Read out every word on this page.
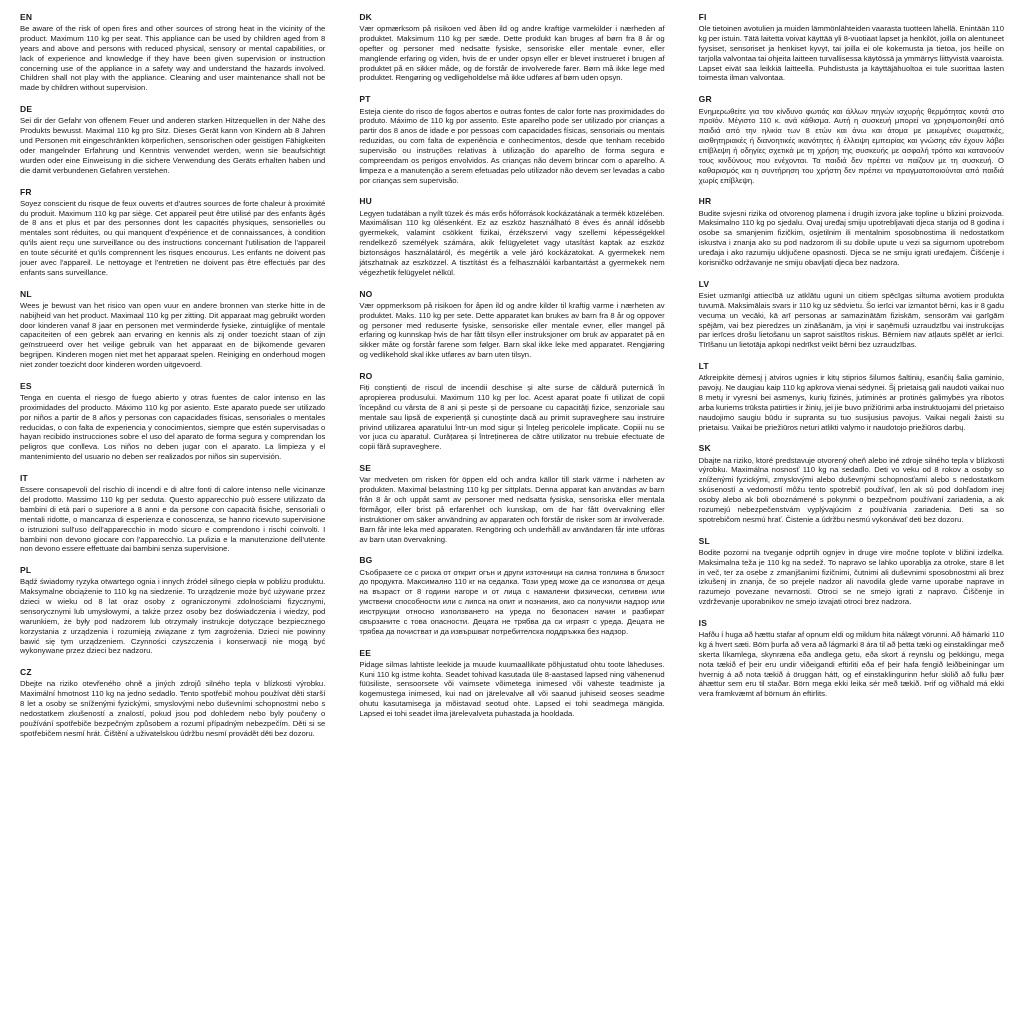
EN

Be aware of the risk of open fires and other sources of strong heat in the vicinity of the product. Maximum 110 kg per seat. This appliance can be used by children aged from 8 years and above and persons with reduced physical, sensory or mental capabilities, or lack of experience and knowledge if they have been given supervision or instruction concerning use of the appliance in a safety way and understand the hazards involved. Children shall not play with the appliance. Cleaning and user maintenance shall not be made by children without supervision.

DE

Sei dir der Gefahr von offenem Feuer und anderen starken Hitzequellen in der Nähe des Produkts bewusst. Maximal 110 kg pro Sitz. Dieses Gerät kann von Kindern ab 8 Jahren und Personen mit eingeschränkten körperlichen, sensorischen oder geistigen Fähigkeiten oder mangelnder Erfahrung und Kenntnis verwendet werden, wenn sie beaufsichtigt wurden oder eine Einweisung in die sichere Verwendung des Geräts erhalten haben und die damit verbundenen Gefahren verstehen.

FR

Soyez conscient du risque de feux ouverts et d'autres sources de forte chaleur à proximité du produit. Maximum 110 kg par siège. Cet appareil peut être utilisé par des enfants âgés de 8 ans et plus et par des personnes dont les capacités physiques, sensorielles ou mentales sont réduites, ou qui manquent d'expérience et de connaissances, à condition qu'ils aient reçu une surveillance ou des instructions concernant l'utilisation de l'appareil en toute sécurité et qu'ils comprennent les risques encourus. Les enfants ne doivent pas jouer avec l'appareil. Le nettoyage et l'entretien ne doivent pas être effectués par des enfants sans surveillance.

NL

Wees je bewust van het risico van open vuur en andere bronnen van sterke hitte in de nabijheid van het product. Maximaal 110 kg per zitting. Dit apparaat mag gebruikt worden door kinderen vanaf 8 jaar en personen met verminderde fysieke, zintuiglijke of mentale capaciteiten of een gebrek aan ervaring en kennis als zij onder toezicht staan of zijn geïnstrueerd over het veilige gebruik van het apparaat en de bijkomende gevaren begrijpen. Kinderen mogen niet met het apparaat spelen. Reiniging en onderhoud mogen niet zonder toezicht door kinderen worden uitgevoerd.

ES

Tenga en cuenta el riesgo de fuego abierto y otras fuentes de calor intenso en las proximidades del producto. Máximo 110 kg por asiento. Este aparato puede ser utilizado por niños a partir de 8 años y personas con capacidades físicas, sensoriales o mentales reducidas, o con falta de experiencia y conocimientos, siempre que estén supervisadas o hayan recibido instrucciones sobre el uso del aparato de forma segura y comprendan los peligros que conlleva. Los niños no deben jugar con el aparato. La limpieza y el mantenimiento del usuario no deben ser realizados por niños sin supervisión.

IT

Essere consapevoli del rischio di incendi e di altre fonti di calore intenso nelle vicinanze del prodotto. Massimo 110 kg per seduta. Questo apparecchio può essere utilizzato da bambini di età pari o superiore a 8 anni e da persone con capacità fisiche, sensoriali o mentali ridotte, o mancanza di esperienza e conoscenza, se hanno ricevuto supervisione o istruzioni sull'uso dell'apparecchio in modo sicuro e comprendono i rischi coinvolti. I bambini non devono giocare con l'apparecchio. La pulizia e la manutenzione dell'utente non devono essere effettuate dai bambini senza supervisione.

PL

Bądź świadomy ryzyka otwartego ognia i innych źródeł silnego ciepła w pobliżu produktu. Maksymalne obciążenie to 110 kg na siedzenie. To urządzenie może być używane przez dzieci w wieku od 8 lat oraz osoby z ograniczonymi zdolnościami fizycznymi, sensorycznymi lub umysłowymi, a także przez osoby bez doświadczenia i wiedzy, pod warunkiem, że były pod nadzorem lub otrzymały instrukcje dotyczące bezpiecznego korzystania z urządzenia i rozumieją związane z tym zagrożenia. Dzieci nie powinny bawić się tym urządzeniem. Czynności czyszczenia i konserwacji nie mogą być wykonywane przez dzieci bez nadzoru.

CZ

Dbejte na riziko otevřeného ohně a jiných zdrojů silného tepla v blízkosti výrobku. Maximální hmotnost 110 kg na jedno sedadlo. Tento spotřebič mohou používat děti starší 8 let a osoby se sníženými fyzickými, smyslovými nebo duševními schopnostmi nebo s nedostatkem zkušeností a znalostí, pokud jsou pod dohledem nebo byly poučeny o používání spotřebiče bezpečným způsobem a rozumí případným nebezpečím. Děti si se spotřebičem nesmí hrát. Čištění a uživatelskou údržbu nesmí provádět děti bez dozoru.

DK

Vær opmærksom på risikoen ved åben ild og andre kraftige varmekilder i nærheden af produktet. Maksimum 110 kg per sæde. Dette produkt kan bruges af børn fra 8 år og opefter og personer med nedsatte fysiske, sensoriske eller mentale evner, eller manglende erfaring og viden, hvis de er under opsyn eller er blevet instrueret i brugen af produktet på en sikker måde, og de forstår de involverede farer. Børn må ikke lege med produktet. Rengøring og vedligeholdelse må ikke udføres af børn uden opsyn.

PT

Esteja ciente do risco de fogos abertos e outras fontes de calor forte nas proximidades do produto. Máximo de 110 kg por assento. Este aparelho pode ser utilizado por crianças a partir dos 8 anos de idade e por pessoas com capacidades físicas, sensoriais ou mentais reduzidas, ou com falta de experiência e conhecimentos, desde que tenham recebido supervisão ou instruções relativas à utilização do aparelho de forma segura e compreendam os perigos envolvidos. As crianças não devem brincar com o aparelho. A limpeza e a manutenção a serem efetuadas pelo utilizador não devem ser levadas a cabo por crianças sem supervisão.

HU

Legyen tudatában a nyílt tüzek és más erős hőforrások kockázatának a termék közelében. Maximálisan 110 kg ülésenként. Ez az eszköz használható 8 éves és annál idősebb gyermekek, valamint csökkent fizikai, érzékszervi vagy szellemi képességekkel rendelkező személyek számára, akik felügyeletet vagy utasítást kaptak az eszköz biztonságos használatáról, és megértik a vele járó kockázatokat. A gyermekek nem játszhatnak az eszközzel. A tisztítást és a felhasználói karbantartást a gyermekek nem végezhetik felügyelet nélkül.

NO

Vær oppmerksom på risikoen for åpen ild og andre kilder til kraftig varme i nærheten av produktet. Maks. 110 kg per sete. Dette apparatet kan brukes av barn fra 8 år og oppover og personer med reduserte fysiske, sensoriske eller mentale evner, eller mangel på erfaring og kunnskap hvis de har fått tilsyn eller instruksjoner om bruk av apparatet på en sikker måte og forstår farene som følger. Barn skal ikke leke med apparatet. Rengjøring og vedlikehold skal ikke utføres av barn uten tilsyn.

RO

Fiți conștienți de riscul de incendii deschise și alte surse de căldură puternică în apropierea produsului. Maximum 110 kg per loc. Acest aparat poate fi utilizat de copii începând cu vârsta de 8 ani și peste și de persoane cu capacități fizice, senzoriale sau mentale sau lipsă de experiență și cunoștințe dacă au primit supraveghere sau instruire privind utilizarea aparatului într-un mod sigur și înțeleg pericolele implicate. Copiii nu se vor juca cu aparatul. Curățarea și întreținerea de către utilizator nu trebuie efectuate de copii fără supraveghere.

SE

Var medveten om risken för öppen eld och andra källor till stark värme i närheten av produkten. Maximal belastning 110 kg per sittplats. Denna apparat kan användas av barn från 8 år och uppåt samt av personer med nedsatta fysiska, sensoriska eller mentala förmågor, eller brist på erfarenhet och kunskap, om de har fått övervakning eller instruktioner om säker användning av apparaten och förstår de risker som är involverade. Barn får inte leka med apparaten. Rengöring och underhåll av användaren får inte utföras av barn utan övervakning.

BG

Съобразете се с риска от открит огън и други източници на силна топлина в близост до продукта. Максимално 110 кг на седалка. Този уред може да се използва от деца на възраст от 8 години нагоре и от лица с намалени физически, сетивни или умствени способности или с липса на опит и познания, ако са получили надзор или инструкции относно използването на уреда по безопасен начин и разбират свързаните с това опасности. Децата не трябва да си играят с уреда. Децата не трябва да почистват и да извършват потребителска поддръжка без надзор.

EE

Pidage silmas lahtiste leekide ja muude kuumaallikate põhjustatud ohtu toote läheduses. Kuni 110 kg istme kohta. Seadet tohivad kasutada üle 8-aastased lapsed ning vähenenud füüsiliste, sensoorsete või vaimsete võimetega inimesed või väheste teadmiste ja kogemustega inimesed, kui nad on järelevalve all või saanud juhiseid seoses seadme ohutu kasutamisega ja mõistavad seotud ohte. Lapsed ei tohi seadmega mängida. Lapsed ei tohi seadet ilma järelevalveta puhastada ja hooldada.

FI

Ole tietoinen avotulien ja muiden lämmönlähteiden vaarasta tuotteen lähellä. Enintään 110 kg per istuin. Tätä laitetta voivat käyttää yli 8-vuotiaat lapset ja henkilöt, joilla on alentuneet fyysiset, sensoriset ja henkiset kyvyt, tai joilla ei ole kokemusta ja tietoa, jos heille on tarjolla valvontaa tai ohjeita laitteen turvallisessa käytössä ja ymmärrys liittyvistä vaaroista. Lapset eivät saa leikkiä laitteella. Puhdistusta ja käyttäjähuoltoa ei tule suorittaa lasten toimesta ilman valvontaa.

GR

Ενημερωθείτε για τον κίνδυνο φωτιάς και άλλων πηγών ισχυρής θερμότητας κοντά στο προϊόν. Μέγιστο 110 κ. ανά κάθισμα. Αυτή η συσκευή μπορεί να χρησιμοποιηθεί από παιδιά από την ηλικία των 8 ετών και άνω και άτομα με μειωμένες σωματικές, αισθητηριακές ή διανοητικές ικανότητες ή έλλειψη εμπειρίας και γνώσης εάν έχουν λάβει επίβλεψη ή οδηγίες σχετικά με τη χρήση της συσκευής με ασφαλή τρόπο και κατανοούν τους κινδύνους που ενέχονται. Τα παιδιά δεν πρέπει να παίζουν με τη συσκευή. Ο καθαρισμός και η συντήρηση του χρήστη δεν πρέπει να πραγματοποιούνται από παιδιά χωρίς επίβλεψη.

HR

Budite svjesni rizika od otvorenog plamena i drugih izvora jake topline u blizini proizvoda. Maksimalno 110 kg po sjedalu. Ovaj uređaj smiju upotrebljavati djeca starija od 8 godina i osobe sa smanjenim fizičkim, osjetilnim ili mentalnim sposobnostima ili nedostatkom iskustva i znanja ako su pod nadzorom ili su dobile upute u vezi sa sigurnom upotrebom uređaja i ako razumiju uključene opasnosti. Djeca se ne smiju igrati uređajem. Čišćenje i korisničko održavanje ne smiju obavljati djeca bez nadzora.

LV

Esiet uzmanīgi attiecībā uz atklātu uguni un citiem spēcīgas siltuma avotiem produkta tuvumā. Maksimālais svars ir 110 kg uz sēdvietu. Šo ierīci var izmantot bērni, kas ir 8 gadu vecuma un vecāki, kā arī personas ar samazinātām fiziskām, sensorām vai garīgām spējām, vai bez pieredzes un zināšanām, ja viņi ir saņēmuši uzraudzību vai instrukcijas par ierīces drošu lietošanu un saprot saistītos riskus. Bērniem nav atļauts spēlēt ar ierīci. Tīrīšanu un lietotāja apkopi nedrīkst veikt bērni bez uzraudzības.

LT

Atkreipkite dėmesį į atviros ugnies ir kitų stiprios šilumos šaltinių, esančių šalia gaminio, pavojų. Ne daugiau kaip 110 kg apkrova vienai sėdynei. Šį prietaisą gali naudoti vaikai nuo 8 metų ir vyresni bei asmenys, kurių fizinės, jutiminės ar protinės galimybės yra ribotos arba kuriems trūksta patirties ir žinių, jei jie buvo prižiūrimi arba instruktuojami dėl prietaiso naudojimo saugiu būdu ir supranta su tuo susijusius pavojus. Vaikai negali žaisti su prietaisu. Vaikai be priežiūros neturi atlikti valymo ir naudotojo priežiūros darbų.

SK

Dbajte na riziko, ktoré predstavuje otvorený oheň alebo iné zdroje silného tepla v blízkosti výrobku. Maximálna nosnosť 110 kg na sedadlo. Deti vo veku od 8 rokov a osoby so zníženými fyzickými, zmyslovými alebo duševnými schopnosťami alebo s nedostatkom skúseností a vedomostí môžu tento spotrebič používať, len ak sú pod dohľadom inej osoby alebo ak boli oboznámené s pokynmi o bezpečnom používaní zariadenia, a ak rozumejú nebezpečenstvám vyplývajúcim z používania zariadenia. Deti sa so spotrebičom nesmú hrať. Čistenie a údržbu nesmú vykonávať deti bez dozoru.

SL

Bodite pozorni na tveganje odprtih ognjev in druge vire močne toplote v bližini izdelka. Maksimalna teža je 110 kg na sedež. To napravo se lahko uporablja za otroke, stare 8 let in več, ter za osebe z zmanjšanimi fizičnimi, čutnimi ali duševnimi sposobnostmi ali brez izkušenj in znanja, če so prejele nadzor ali navodila glede varne uporabe naprave in razumejo povezane nevarnosti. Otroci se ne smejo igrati z napravo. Čiščenje in vzdrževanje uporabnikov ne smejo izvajati otroci brez nadzora.

IS

Hafðu í huga að hættu stafar af opnum eldi og miklum hita nálægt vörunni. Að hámarki 110 kg á hvert sæti. Börn þurfa að vera að lágmarki 8 ára til að þetta tæki og einstaklingar með skerta líkamlega, skynræna eða andlega getu, eða skort á reynslu og þekkingu, mega nota tækið ef þeir eru undir viðeigandi eftirliti eða ef þeir hafa fengið leiðbeiningar um hvernig á að nota tækið á öruggan hátt, og ef einstaklingurinn hefur skilið að fullu þær áhættur sem eru til staðar. Börn mega ekki leika sér með tækið. Þrif og viðhald má ekki vera framkvæmt af börnum án eftirlits.
